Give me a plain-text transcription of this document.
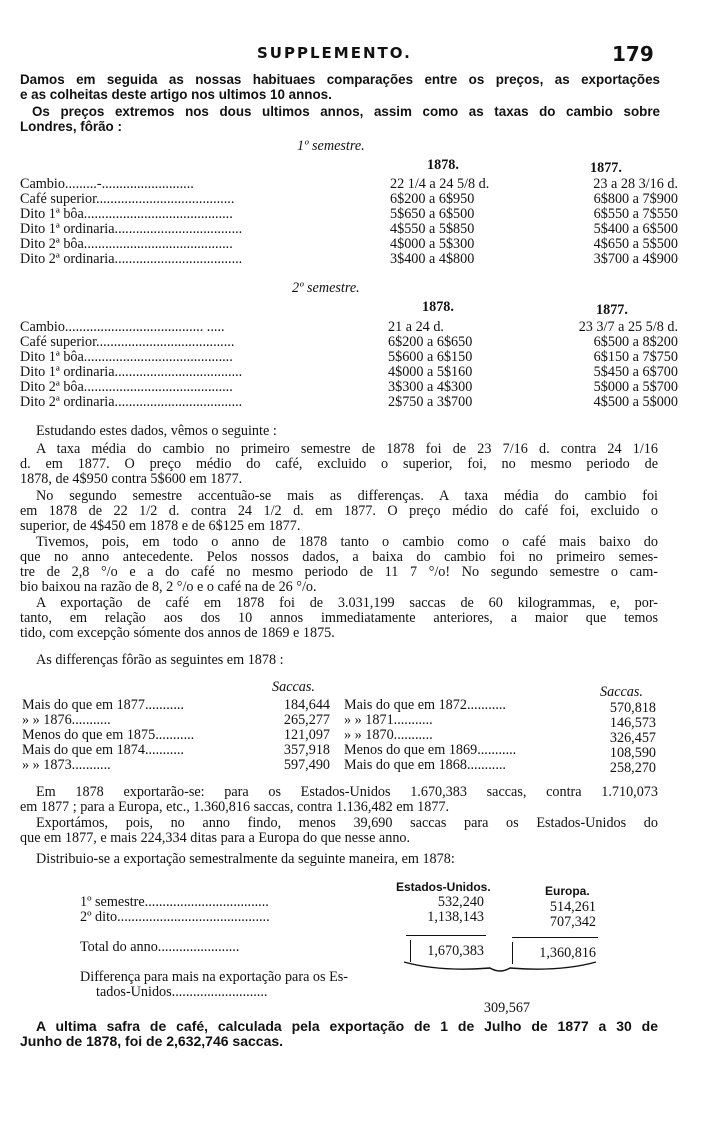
SUPPLEMENTO.	179
Damos em seguida as nossas habituaes comparações entre os preços, as exportações
e as colheitas deste artigo nos ultimos 10 annos.
Os preços extremos nos dous ultimos annos, assim como as taxas do cambio sobre
Londres, fôrão :
1º semestre.
1878.	1877.
Cambio.........-..........................	22 1/4 a 24 5/8 d.	23 a 28 3/16 d.
Café superior.......................................	6$200 a 6$950	6$800 a 7$900
Dito 1ª bôa..........................................	5$650 a 6$500	6$550 a 7$550
Dito 1ª ordinaria....................................	4$550 a 5$850	5$400 a 6$500
Dito 2ª bôa..........................................	4$000 a 5$300	4$650 a 5$500
Dito 2ª ordinaria....................................	3$400 a 4$800	3$700 a 4$900
2º semestre.
1878.	1877.
Cambio....................................... .....	21 a 24 d.	23 3/7 a 25 5/8 d.
Café superior.......................................	6$200 a 6$650	6$500 a 8$200
Dito 1ª bôa..........................................	5$600 a 6$150	6$150 a 7$750
Dito 1ª ordinaria....................................	4$000 a 5$160	5$450 a 6$700
Dito 2ª bôa..........................................	3$300 a 4$300	5$000 a 5$700
Dito 2ª ordinaria....................................	2$750 a 3$700	4$500 a 5$000
Estudando estes dados, vêmos o seguinte :
A taxa média do cambio no primeiro semestre de 1878 foi de 23 7/16 d. contra 24 1/16
d. em 1877. O preço médio do café, excluido o superior, foi, no mesmo periodo de
1878, de 4$950 contra 5$600 em 1877.
No segundo semestre accentuão-se mais as differenças. A taxa média do cambio foi
em 1878 de 22 1/2 d. contra 24 1/2 d. em 1877. O preço médio do café foi, excluido o
superior, de 4$450 em 1878 e de 6$125 em 1877.
Tivemos, pois, em todo o anno de 1878 tanto o cambio como o café mais baixo do
que no anno antecedente. Pelos nossos dados, a baixa do cambio foi no primeiro semes-
tre de 2,8 °/o e a do café no mesmo periodo de 11 7 °/o! No segundo semestre o cam-
bio baixou na razão de 8, 2 °/o e o café na de 26 °/o.
A exportação de café em 1878 foi de 3.031,199 saccas de 60 kilogrammas, e, por-
tanto, em relação aos dos 10 annos immediatamente anteriores, a maior que temos
tido, com excepção sómente dos annos de 1869 e 1875.
As differenças fôrão as seguintes em 1878 :
Saccas.	Saccas.
Mais do que em 1877...........	184,644
» » 1876...........	265,277
Menos do que em 1875...........	121,097
Mais do que em 1874...........	357,918
» » 1873...........	597,490
Mais do que em 1872...........	570,818
» » 1871...........	146,573
» » 1870...........	326,457
Menos do que em 1869...........	108,590
Mais do que em 1868...........	258,270
Em 1878 exportarão-se: para os Estados-Unidos 1.670,383 saccas, contra 1.710,073
em 1877 ; para a Europa, etc., 1.360,816 saccas, contra 1.136,482 em 1877.
Exportámos, pois, no anno findo, menos 39,690 saccas para os Estados-Unidos do
que em 1877, e mais 224,334 ditas para a Europa do que nesse anno.
Distribuio-se a exportação semestralmente da seguinte maneira, em 1878:
Estados-Unidos.	Europa.
1º semestre...................................	532,240	514,261
2º dito...........................................	1,138,143	707,342
Total do anno.......................	1,670,383	1,360,816
Differença para mais na exportação para os Es-
tados-Unidos...........................
309,567
A ultima safra de café, calculada pela exportação de 1 de Julho de 1877 a 30 de
Junho de 1878, foi de 2,632,746 saccas.
